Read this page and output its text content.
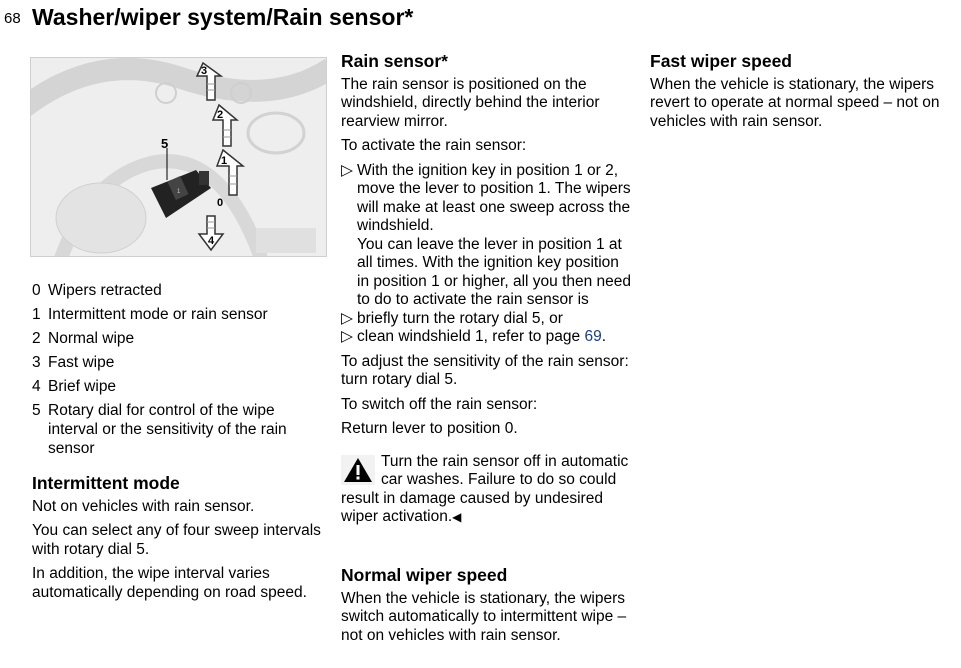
68 Washer/wiper system/Rain sensor*
1
5
3
2
1
0
4
0 Wipers retracted
1 Intermittent mode or rain sensor
2 Normal wipe
3 Fast wipe
4 Brief wipe
5 Rotary dial for control of the wipe interval or the sensitivity of the rain sensor
Intermittent mode

Not on vehicles with rain sensor.

You can select any of four sweep intervals with rotary dial 5.

In addition, the wipe interval varies automatically depending on road speed.

Rain sensor*

The rain sensor is positioned on the windshield, directly behind the interior rearview mirror.

To activate the rain sensor:

▷ With the ignition key in position 1 or 2, move the lever to position 1. The wipers will make at least one sweep across the windshield.
You can leave the lever in position 1 at all times. With the ignition key position in position 1 or higher, all you then need to do to activate the rain sensor is
▷ briefly turn the rotary dial 5, or
▷ clean windshield 1, refer to page 69.

To adjust the sensitivity of the rain sensor: turn rotary dial 5.

To switch off the rain sensor:

Return lever to position 0.

Turn the rain sensor off in automatic car washes. Failure to do so could result in damage caused by undesired wiper activation.◀
Normal wiper speed

When the vehicle is stationary, the wipers switch automatically to intermittent wipe – not on vehicles with rain sensor.

Fast wiper speed

When the vehicle is stationary, the wipers revert to operate at normal speed – not on vehicles with rain sensor.
